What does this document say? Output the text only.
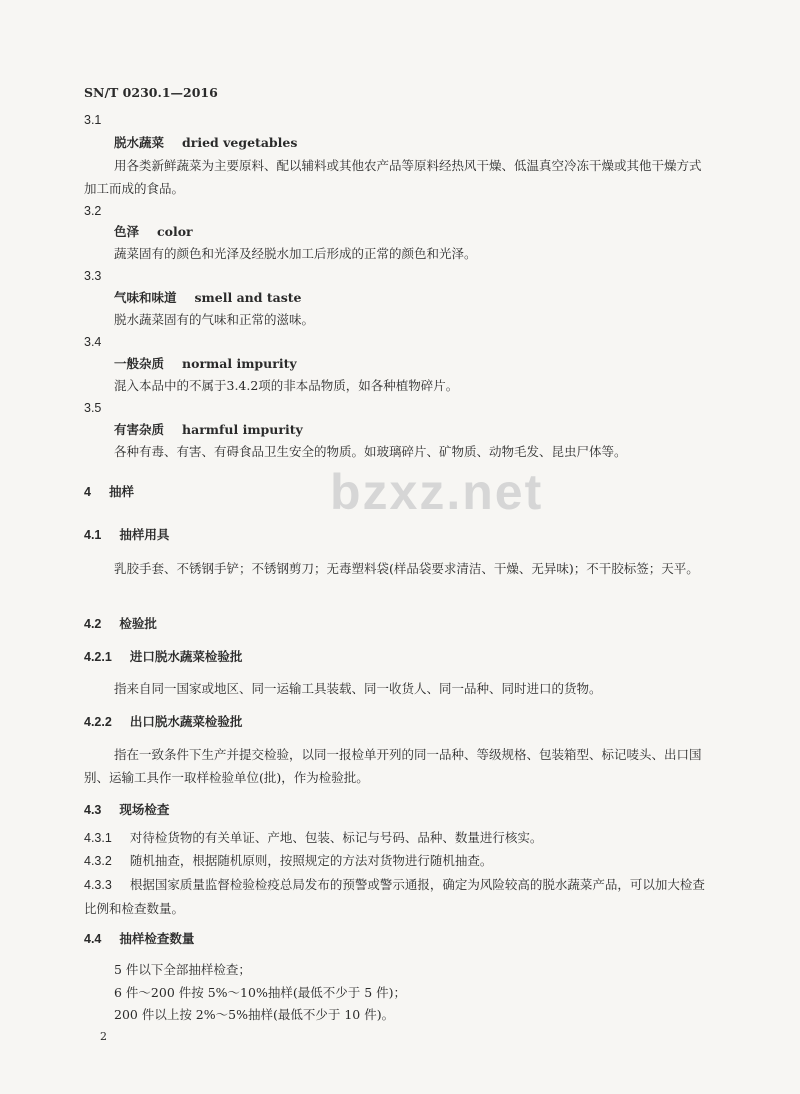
bzxz.net
SN/T 0230.1—2016
3.1
脱水蔬菜 dried vegetables
用各类新鲜蔬菜为主要原料、配以辅料或其他农产品等原料经热风干燥、低温真空冷冻干燥或其他干燥方式加工而成的食品。
3.2
色泽 color
蔬菜固有的颜色和光泽及经脱水加工后形成的正常的颜色和光泽。
3.3
气味和味道 smell and taste
脱水蔬菜固有的气味和正常的滋味。
3.4
一般杂质 normal impurity
混入本品中的不属于3.4.2项的非本品物质，如各种植物碎片。
3.5
有害杂质 harmful impurity
各种有毒、有害、有碍食品卫生安全的物质。如玻璃碎片、矿物质、动物毛发、昆虫尸体等。
4 抽样
4.1 抽样用具
乳胶手套、不锈钢手铲；不锈钢剪刀；无毒塑料袋(样品袋要求清洁、干燥、无异味)；不干胶标签；天平。
4.2 检验批
4.2.1 进口脱水蔬菜检验批
指来自同一国家或地区、同一运输工具装载、同一收货人、同一品种、同时进口的货物。
4.2.2 出口脱水蔬菜检验批
指在一致条件下生产并提交检验，以同一报检单开列的同一品种、等级规格、包装箱型、标记唛头、出口国别、运输工具作一取样检验单位(批)，作为检验批。
4.3 现场检查
4.3.1 对待检货物的有关单证、产地、包装、标记与号码、品种、数量进行核实。
4.3.2 随机抽查，根据随机原则，按照规定的方法对货物进行随机抽查。
4.3.3 根据国家质量监督检验检疫总局发布的预警或警示通报，确定为风险较高的脱水蔬菜产品，可以加大检查比例和检查数量。
4.4 抽样检查数量
5 件以下全部抽样检查；
6 件～200 件按 5%～10%抽样(最低不少于 5 件)；
200 件以上按 2%～5%抽样(最低不少于 10 件)。
2
